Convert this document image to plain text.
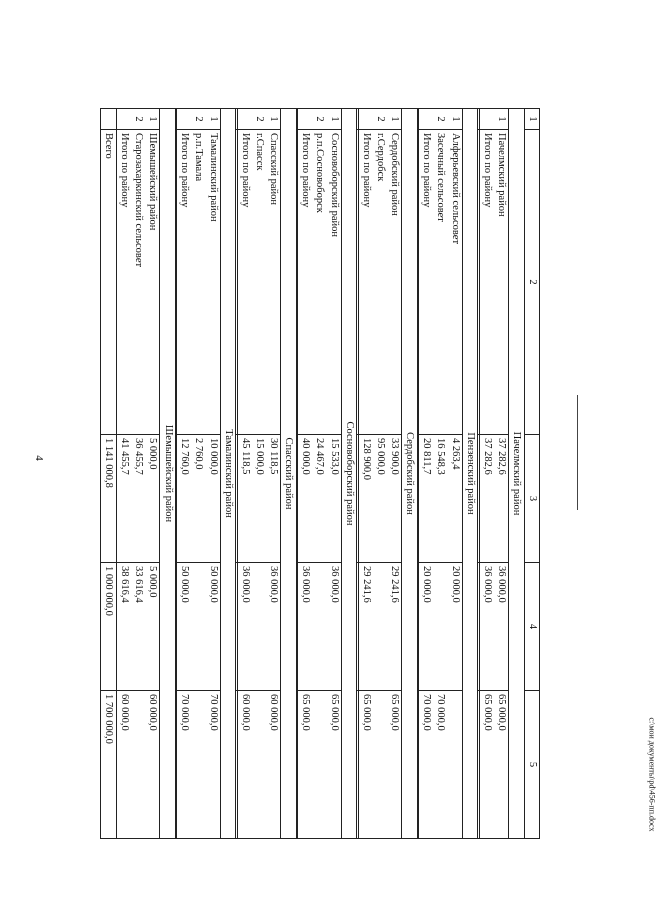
4
c:\мои документы\pd\456-пп.docx
1	2	3	4	5
Пачелмский район				
1	Пачелмский район	37 282,6	36 000,0	65 000,0
	Итого по району	37 282,6	36 000,0	65 000,0

Пензенский район				
1	Алферьевский сельсовет	4 263,4	20 000,0	
2	Засечный сельсовет	16 548,3		70 000,0
	Итого по району	20 811,7	20 000,0	70 000,0

Сердобский район				
1	Сердобский район	33 900,0	29 241,6	65 000,0
2	г.Сердобск	95 000,0		
	Итого по району	128 900,0	29 241,6	65 000,0

Сосновоборский район				
1	Сосновоборский район	15 533,0	36 000,0	65 000,0
2	р.п.Сосновоборск	24 467,0		
	Итого по району	40 000,0	36 000,0	65 000,0

Спасский район				
1	Спасский район	30 118,5	36 000,0	60 000,0
2	г.Спасск	15 000,0		
	Итого по району	45 118,5	36 000,0	60 000,0

Тамалинский район				
1	Тамалинский район	10 000,0	50 000,0	70 000,0
2	р.п.Тамала	2 760,0		
	Итого по району	12 760,0	50 000,0	70 000,0

Шемышейский район				
1	Шемышейский район	5 000,0	5 000,0	60 000,0
2	Старозахаркинский сельсовет	36 455,7	33 616,4	
	Итого по району	41 455,7	38 616,4	60 000,0
	Всего	1 141 000,8	1 000 000,0	1 700 000,0
